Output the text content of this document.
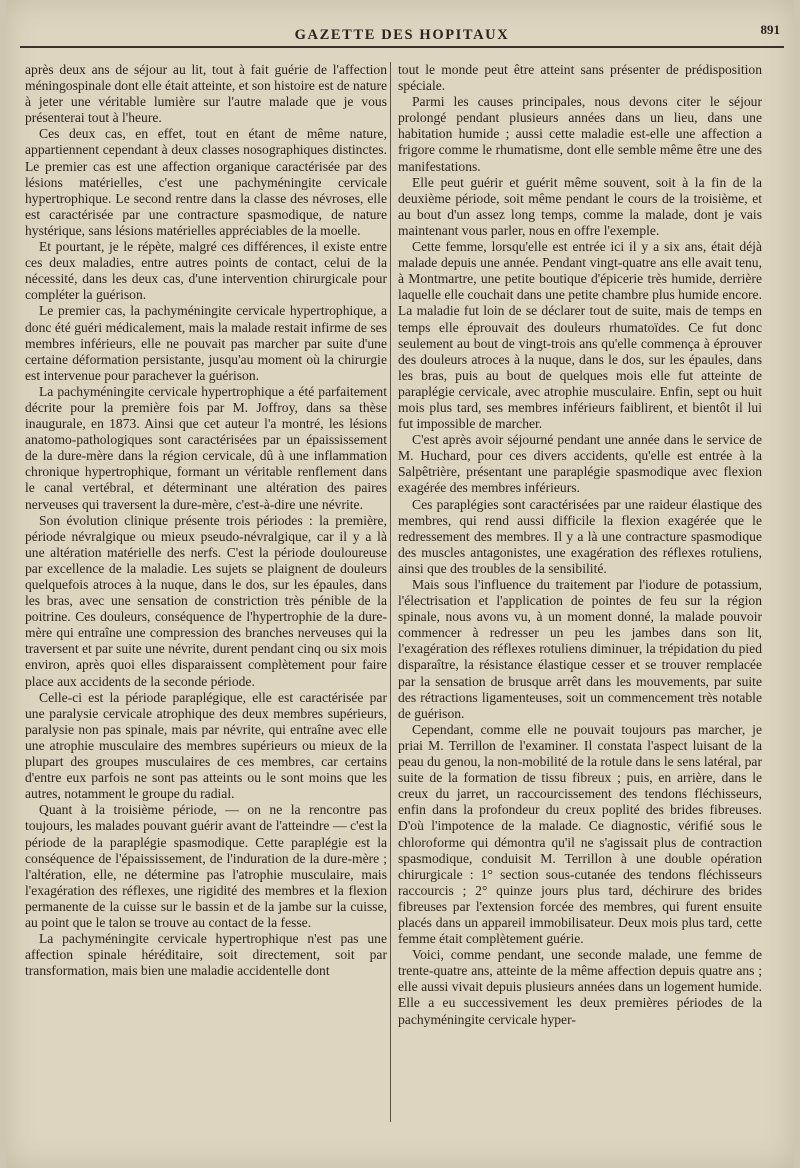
GAZETTE DES HOPITAUX	891

après deux ans de séjour au lit, tout à fait guérie de l'affection méningospinale dont elle était atteinte, et son histoire est de nature à jeter une véritable lumière sur l'autre malade que je vous présenterai tout à l'heure.

Ces deux cas, en effet, tout en étant de même nature, appartiennent cependant à deux classes nosographiques distinctes. Le premier cas est une affection organique caractérisée par des lésions matérielles, c'est une pachyméningite cervicale hypertrophique. Le second rentre dans la classe des névroses, elle est caractérisée par une contracture spasmodique, de nature hystérique, sans lésions matérielles appréciables de la moelle.

Et pourtant, je le répète, malgré ces différences, il existe entre ces deux maladies, entre autres points de contact, celui de la nécessité, dans les deux cas, d'une intervention chirurgicale pour compléter la guérison.

Le premier cas, la pachyméningite cervicale hypertrophique, a donc été guéri médicalement, mais la malade restait infirme de ses membres inférieurs, elle ne pouvait pas marcher par suite d'une certaine déformation persistante, jusqu'au moment où la chirurgie est intervenue pour parachever la guérison.

La pachyméningite cervicale hypertrophique a été parfaitement décrite pour la première fois par M. Joffroy, dans sa thèse inaugurale, en 1873. Ainsi que cet auteur l'a montré, les lésions anatomo-pathologiques sont caractérisées par un épaississement de la dure-mère dans la région cervicale, dû à une inflammation chronique hypertrophique, formant un véritable renflement dans le canal vertébral, et déterminant une altération des paires nerveuses qui traversent la dure-mère, c'est-à-dire une névrite.

Son évolution clinique présente trois périodes : la première, période névralgique ou mieux pseudo-névralgique, car il y a là une altération matérielle des nerfs. C'est la période douloureuse par excellence de la maladie. Les sujets se plaignent de douleurs quelquefois atroces à la nuque, dans le dos, sur les épaules, dans les bras, avec une sensation de constriction très pénible de la poitrine. Ces douleurs, conséquence de l'hypertrophie de la dure-mère qui entraîne une compression des branches nerveuses qui la traversent et par suite une névrite, durent pendant cinq ou six mois environ, après quoi elles disparaissent complètement pour faire place aux accidents de la seconde période.

Celle-ci est la période paraplégique, elle est caractérisée par une paralysie cervicale atrophique des deux membres supérieurs, paralysie non pas spinale, mais par névrite, qui entraîne avec elle une atrophie musculaire des membres supérieurs ou mieux de la plupart des groupes musculaires de ces membres, car certains d'entre eux parfois ne sont pas atteints ou le sont moins que les autres, notamment le groupe du radial.

Quant à la troisième période, — on ne la rencontre pas toujours, les malades pouvant guérir avant de l'atteindre — c'est la période de la paraplégie spasmodique. Cette paraplégie est la conséquence de l'épaississement, de l'induration de la dure-mère ; l'altération, elle, ne détermine pas l'atrophie musculaire, mais l'exagération des réflexes, une rigidité des membres et la flexion permanente de la cuisse sur le bassin et de la jambe sur la cuisse, au point que le talon se trouve au contact de la fesse.

La pachyméningite cervicale hypertrophique n'est pas une affection spinale héréditaire, soit directement, soit par transformation, mais bien une maladie accidentelle dont

tout le monde peut être atteint sans présenter de prédisposition spéciale.

Parmi les causes principales, nous devons citer le séjour prolongé pendant plusieurs années dans un lieu, dans une habitation humide ; aussi cette maladie est-elle une affection a frigore comme le rhumatisme, dont elle semble même être une des manifestations.

Elle peut guérir et guérit même souvent, soit à la fin de la deuxième période, soit même pendant le cours de la troisième, et au bout d'un assez long temps, comme la malade, dont je vais maintenant vous parler, nous en offre l'exemple.

Cette femme, lorsqu'elle est entrée ici il y a six ans, était déjà malade depuis une année. Pendant vingt-quatre ans elle avait tenu, à Montmartre, une petite boutique d'épicerie très humide, derrière laquelle elle couchait dans une petite chambre plus humide encore. La maladie fut loin de se déclarer tout de suite, mais de temps en temps elle éprouvait des douleurs rhumatoïdes. Ce fut donc seulement au bout de vingt-trois ans qu'elle commença à éprouver des douleurs atroces à la nuque, dans le dos, sur les épaules, dans les bras, puis au bout de quelques mois elle fut atteinte de paraplégie cervicale, avec atrophie musculaire. Enfin, sept ou huit mois plus tard, ses membres inférieurs faiblirent, et bientôt il lui fut impossible de marcher.

C'est après avoir séjourné pendant une année dans le service de M. Huchard, pour ces divers accidents, qu'elle est entrée à la Salpêtrière, présentant une paraplégie spasmodique avec flexion exagérée des membres inférieurs.

Ces paraplégies sont caractérisées par une raideur élastique des membres, qui rend aussi difficile la flexion exagérée que le redressement des membres. Il y a là une contracture spasmodique des muscles antagonistes, une exagération des réflexes rotuliens, ainsi que des troubles de la sensibilité.

Mais sous l'influence du traitement par l'iodure de potassium, l'électrisation et l'application de pointes de feu sur la région spinale, nous avons vu, à un moment donné, la malade pouvoir commencer à redresser un peu les jambes dans son lit, l'exagération des réflexes rotuliens diminuer, la trépidation du pied disparaître, la résistance élastique cesser et se trouver remplacée par la sensation de brusque arrêt dans les mouvements, par suite des rétractions ligamenteuses, soit un commencement très notable de guérison.

Cependant, comme elle ne pouvait toujours pas marcher, je priai M. Terrillon de l'examiner. Il constata l'aspect luisant de la peau du genou, la non-mobilité de la rotule dans le sens latéral, par suite de la formation de tissu fibreux ; puis, en arrière, dans le creux du jarret, un raccourcissement des tendons fléchisseurs, enfin dans la profondeur du creux poplité des brides fibreuses. D'où l'impotence de la malade. Ce diagnostic, vérifié sous le chloroforme qui démontra qu'il ne s'agissait plus de contraction spasmodique, conduisit M. Terrillon à une double opération chirurgicale : 1° section sous-cutanée des tendons fléchisseurs raccourcis ; 2° quinze jours plus tard, déchirure des brides fibreuses par l'extension forcée des membres, qui furent ensuite placés dans un appareil immobilisateur. Deux mois plus tard, cette femme était complètement guérie.

Voici, comme pendant, une seconde malade, une femme de trente-quatre ans, atteinte de la même affection depuis quatre ans ; elle aussi vivait depuis plusieurs années dans un logement humide. Elle a eu successivement les deux premières périodes de la pachyméningite cervicale hyper-
